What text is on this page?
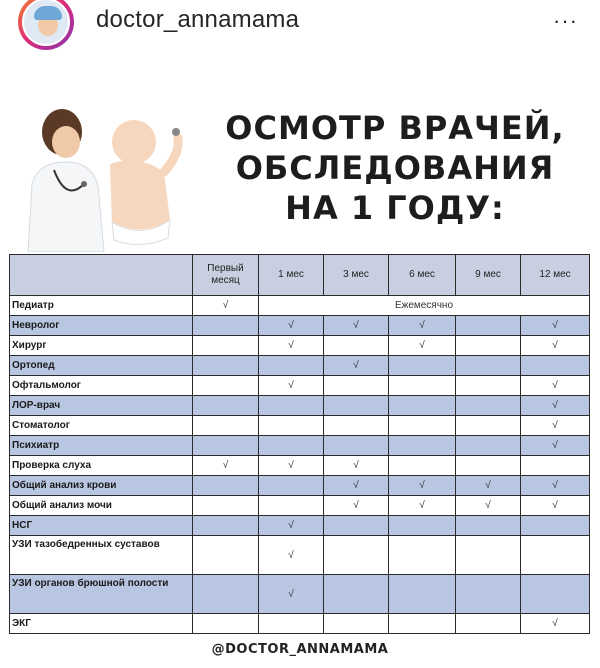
doctor_annamama	···
ОСМОТР ВРАЧЕЙ,
ОБСЛЕДОВАНИЯ
НА 1 ГОДУ:
	Первый месяц	1 мес	3 мес	6 мес	9 мес	12 мес
Педиатр	√	Ежемесячно				
Невролог		√	√	√		√
Хирург		√		√		√
Ортопед			√			
Офтальмолог		√				√
ЛОР-врач						√
Стоматолог						√
Психиатр						√
Проверка слуха	√	√	√			
Общий анализ крови			√	√	√	√
Общий анализ мочи			√	√	√	√
НСГ		√				
УЗИ тазобедренных суставов		√				
УЗИ органов брюшной полости		√				
ЭКГ						√
@DOCTOR_ANNAMAMA
